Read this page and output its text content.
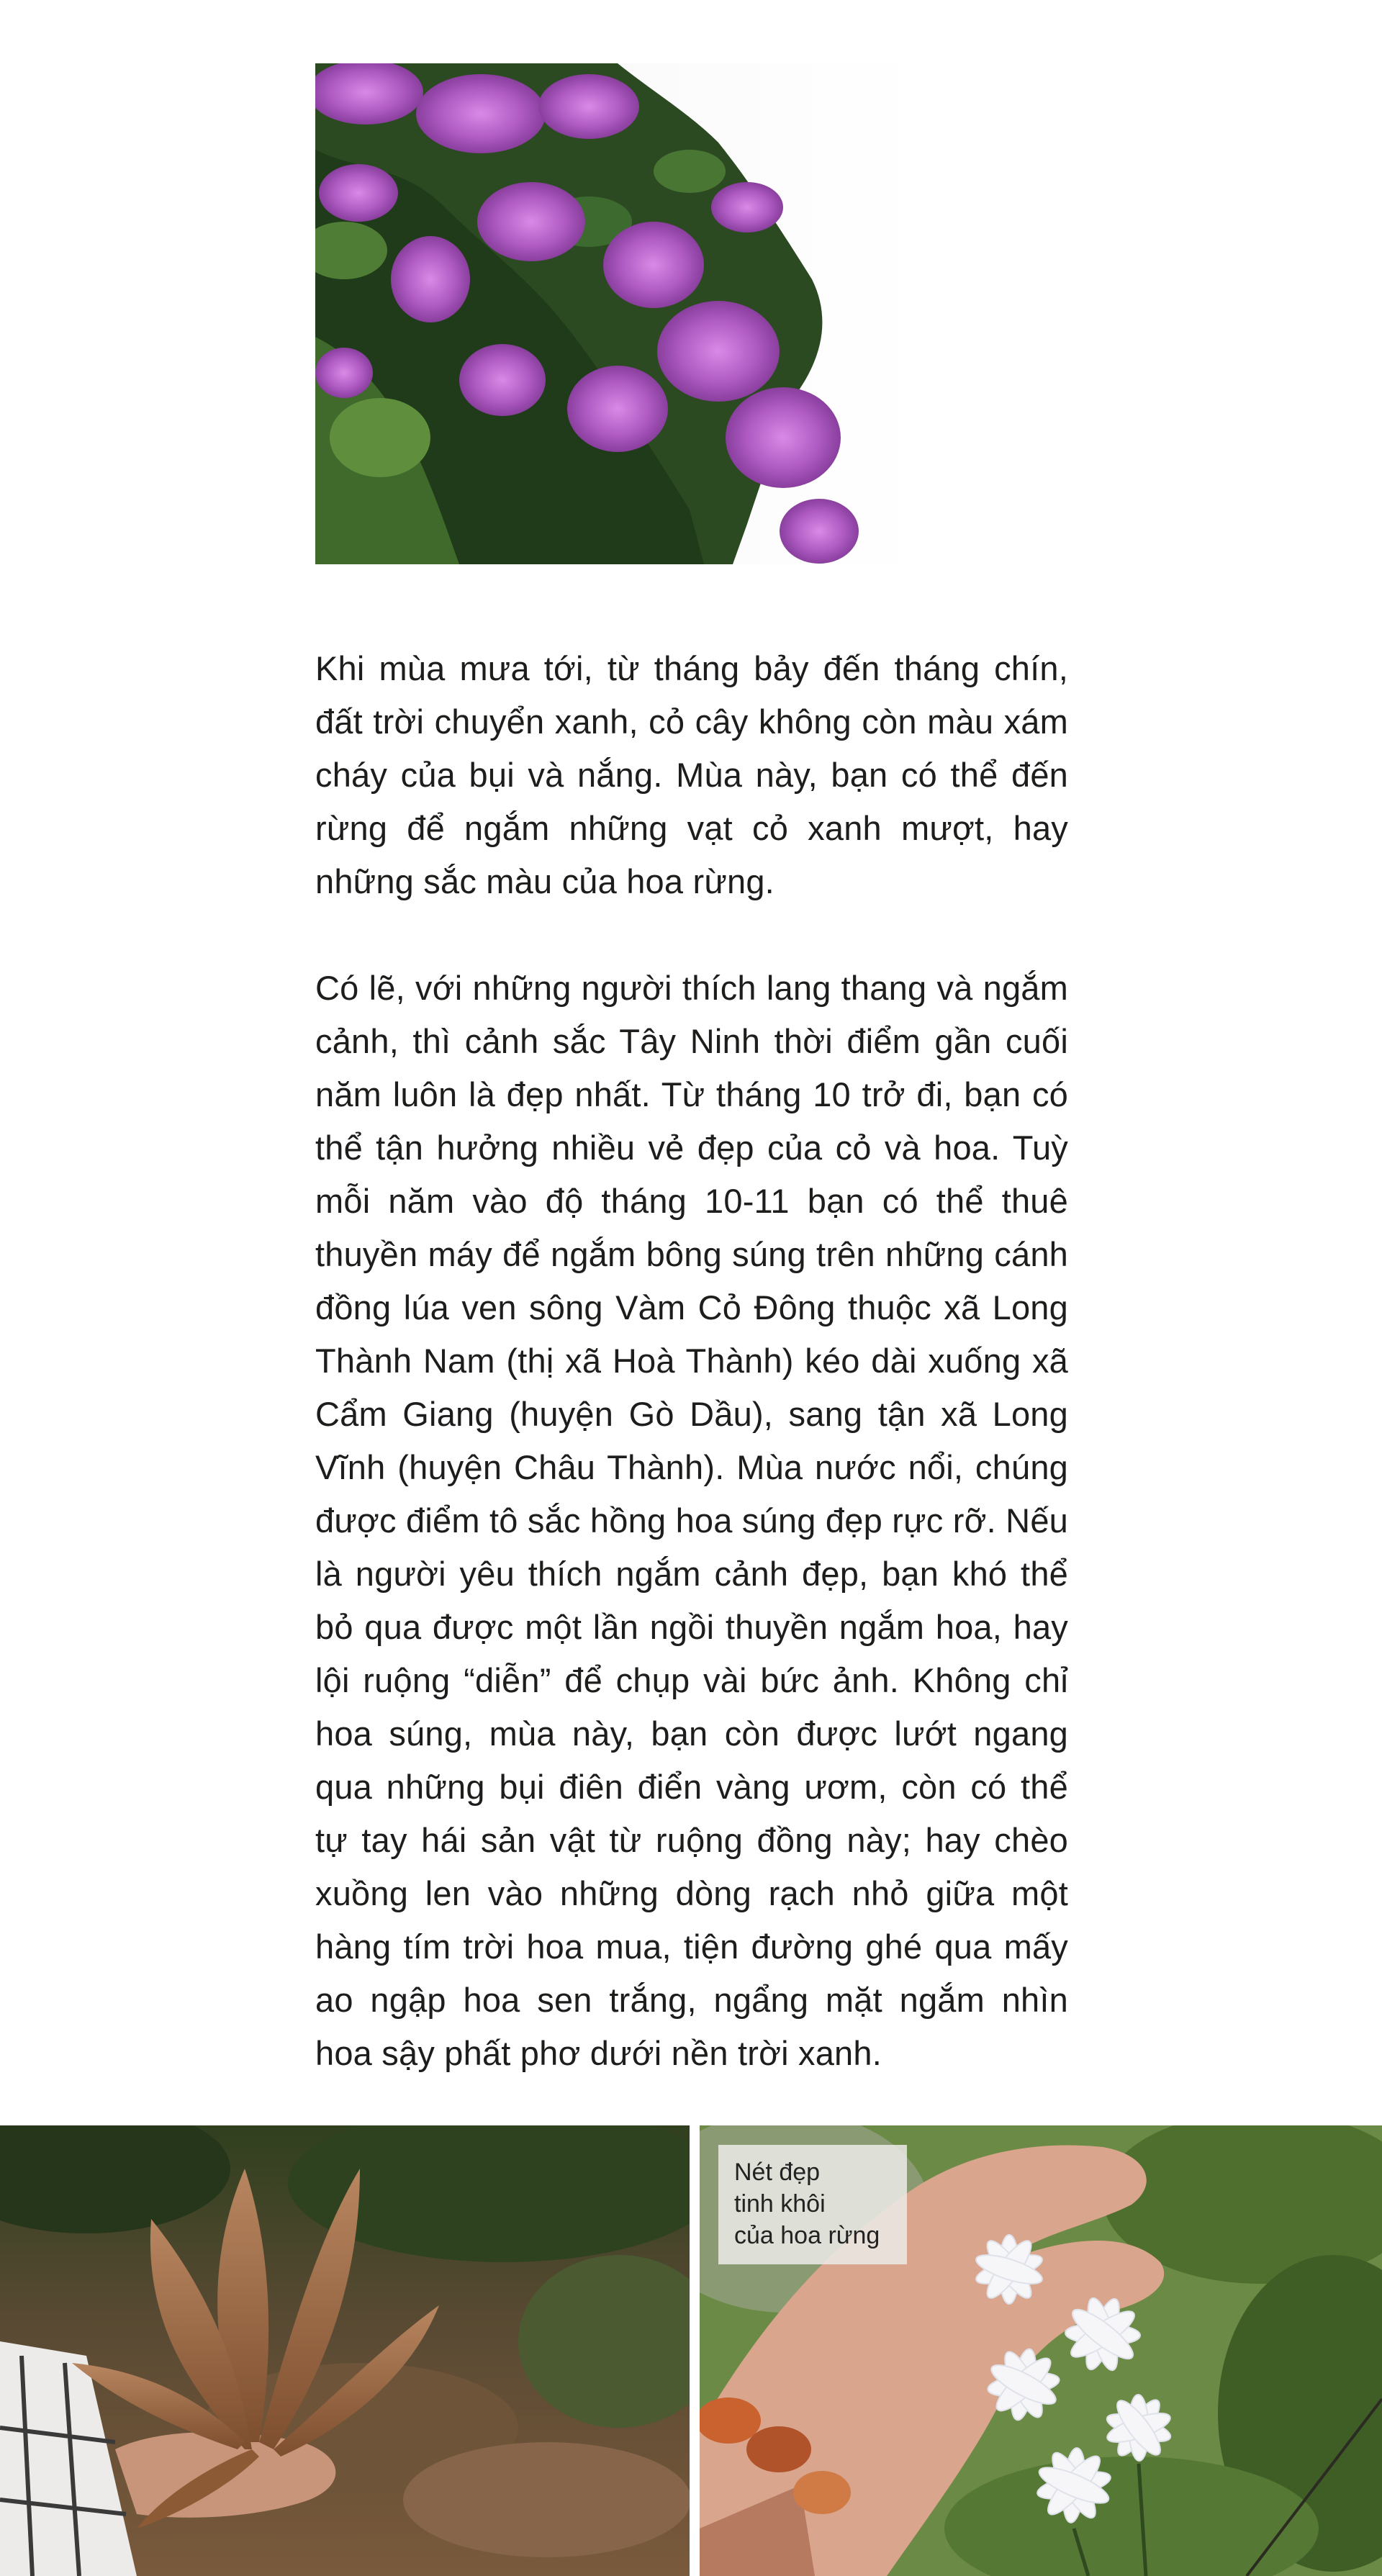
Khi mùa mưa tới, từ tháng bảy đến tháng chín, đất trời chuyển xanh, cỏ cây không còn màu xám cháy của bụi và nắng. Mùa này, bạn có thể đến rừng để ngắm những vạt cỏ xanh mượt, hay những sắc màu của hoa rừng.

Có lẽ, với những người thích lang thang và ngắm cảnh, thì cảnh sắc Tây Ninh thời điểm gần cuối năm luôn là đẹp nhất. Từ tháng 10 trở đi, bạn có thể tận hưởng nhiều vẻ đẹp của cỏ và hoa. Tuỳ mỗi năm vào độ tháng 10-11 bạn có thể thuê thuyền máy để ngắm bông súng trên những cánh đồng lúa ven sông Vàm Cỏ Đông thuộc xã Long Thành Nam (thị xã Hoà Thành) kéo dài xuống xã Cẩm Giang (huyện Gò Dầu), sang tận xã Long Vĩnh (huyện Châu Thành). Mùa nước nổi, chúng được điểm tô sắc hồng hoa súng đẹp rực rỡ. Nếu là người yêu thích ngắm cảnh đẹp, bạn khó thể bỏ qua được một lần ngồi thuyền ngắm hoa, hay lội ruộng “diễn” để chụp vài bức ảnh. Không chỉ hoa súng, mùa này, bạn còn được lướt ngang qua những bụi điên điển vàng ươm, còn có thể tự tay hái sản vật từ ruộng đồng này; hay chèo xuồng len vào những dòng rạch nhỏ giữa một hàng tím trời hoa mua, tiện đường ghé qua mấy ao ngập hoa sen trắng, ngẩng mặt ngắm nhìn hoa sậy phất phơ dưới nền trời xanh.

Nét đẹp
tinh khôi
của hoa rừng
